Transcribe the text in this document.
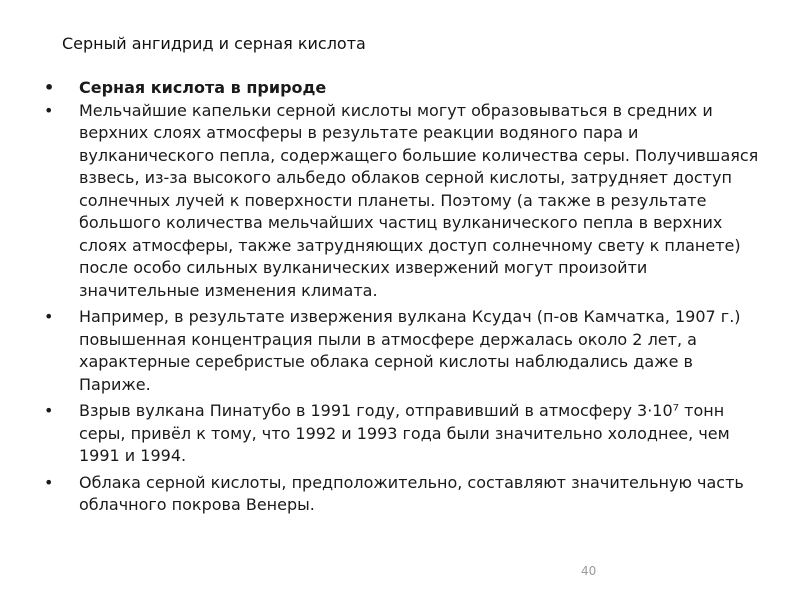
Серный ангидрид и серная кислота
• Серная кислота в природе
• Мельчайшие капельки серной кислоты могут образовываться в средних и верхних слоях атмосферы в результате реакции водяного пара и вулканического пепла, содержащего большие количества серы. Получившаяся взвесь, из-за высокого альбедо облаков серной кислоты, затрудняет доступ солнечных лучей к поверхности планеты. Поэтому (а также в результате большого количества мельчайших частиц вулканического пепла в верхних слоях атмосферы, также затрудняющих доступ солнечному свету к планете) после особо сильных вулканических извержений могут произойти значительные изменения климата.
• Например, в результате извержения вулкана Ксудач (п-ов Камчатка, 1907 г.) повышенная концентрация пыли в атмосфере держалась около 2 лет, а характерные серебристые облака серной кислоты наблюдались даже в Париже.
• Взрыв вулкана Пинатубо в 1991 году, отправивший в атмосферу 3·10⁷ тонн серы, привёл к тому, что 1992 и 1993 года были значительно холоднее, чем 1991 и 1994.
• Облака серной кислоты, предположительно, составляют значительную часть облачного покрова Венеры.
40
